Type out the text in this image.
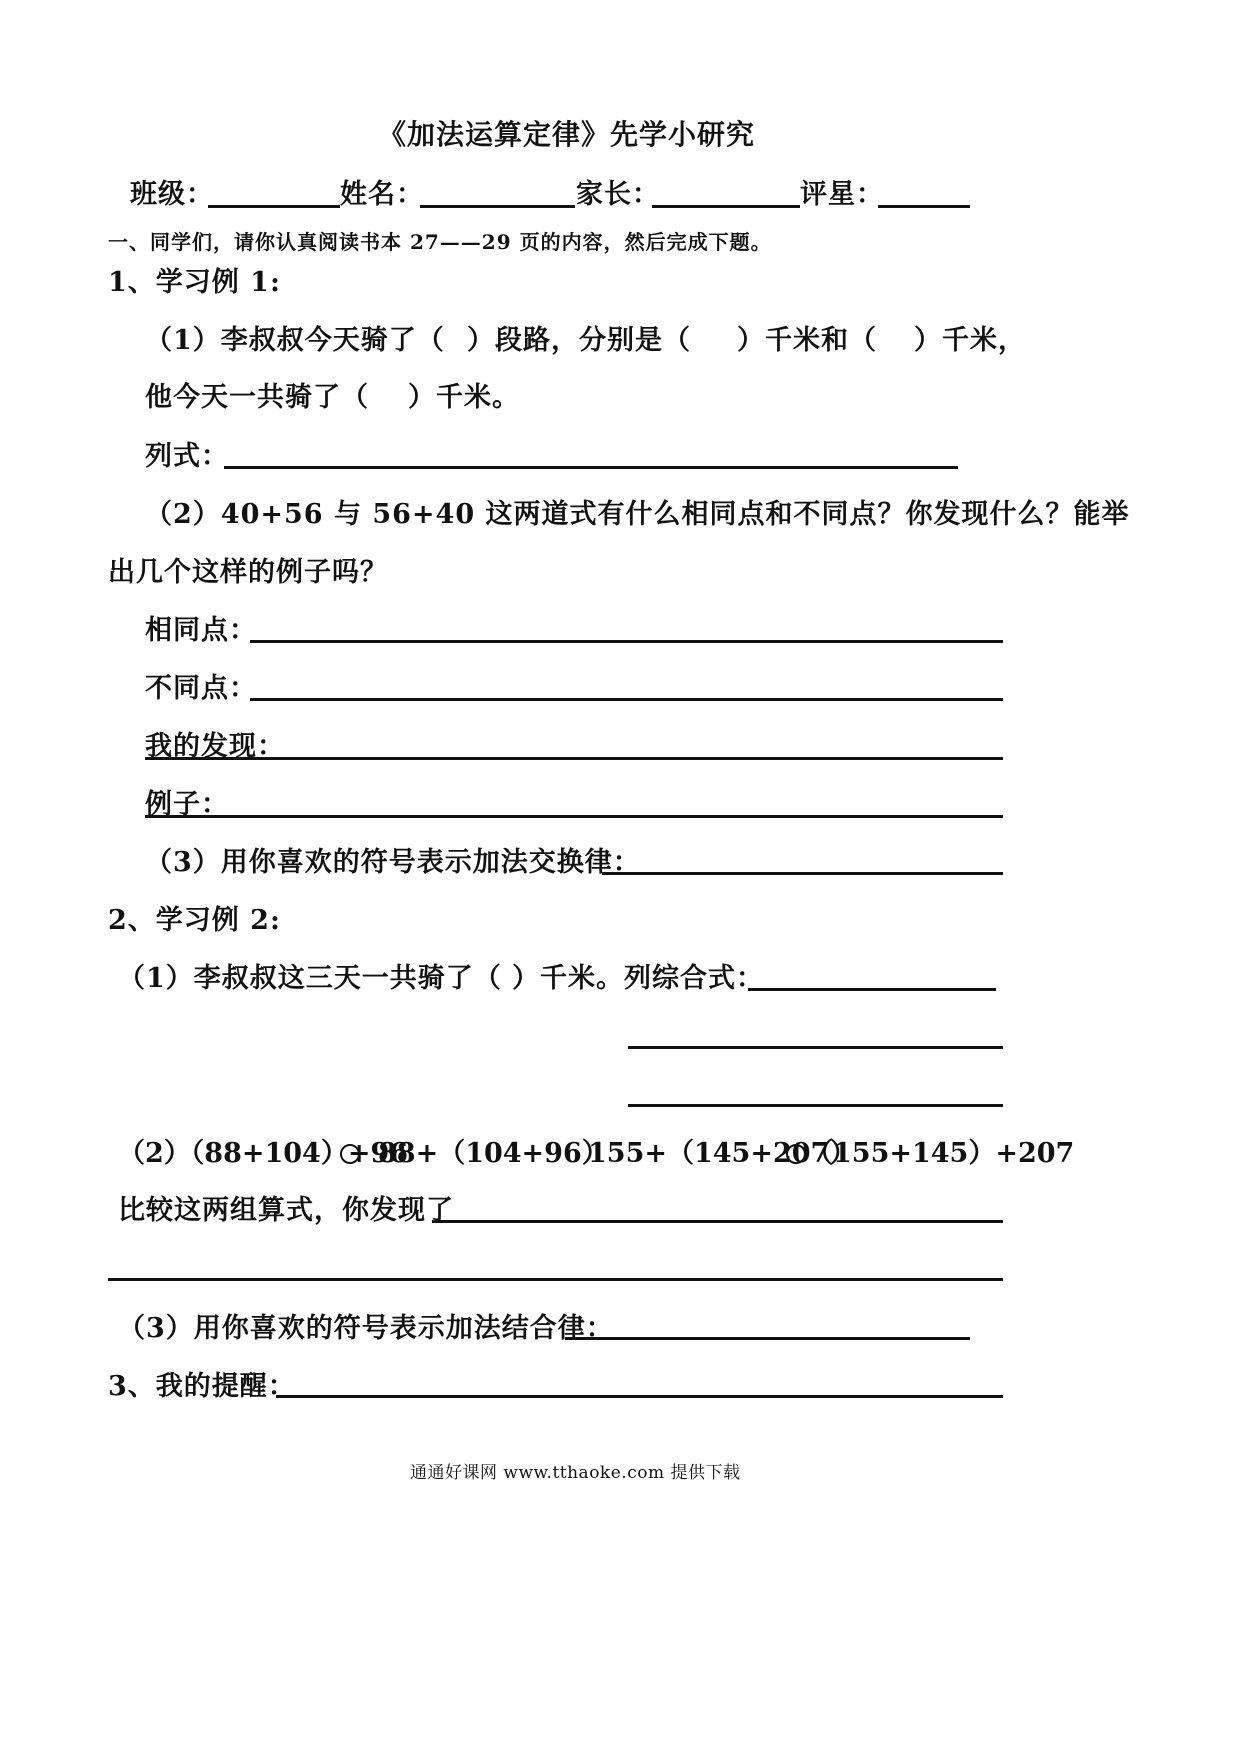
《加法运算定律》先学小研究
班级：	姓名：	家长：	评星：
一、同学们，请你认真阅读书本 27——29 页的内容，然后完成下题。
1、学习例 1:
（1）李叔叔今天骑了（ ）段路，分别是（ ）千米和（ ）千米，
他今天一共骑了（ ）千米。
列式：
（2）40+56 与 56+40 这两道式有什么相同点和不同点？你发现什么？能举
出几个这样的例子吗？
相同点：
不同点：
我的发现：
例子：
（3）用你喜欢的符号表示加法交换律：
2、学习例 2:
（1）李叔叔这三天一共骑了（ ）千米。列综合式：
（2）（88+104）+96
88+（104+96）
155+（145+207）
（155+145）+207
比较这两组算式，你发现了
（3）用你喜欢的符号表示加法结合律：
3、我的提醒：
通通好课网 www.tthaoke.com 提供下载
